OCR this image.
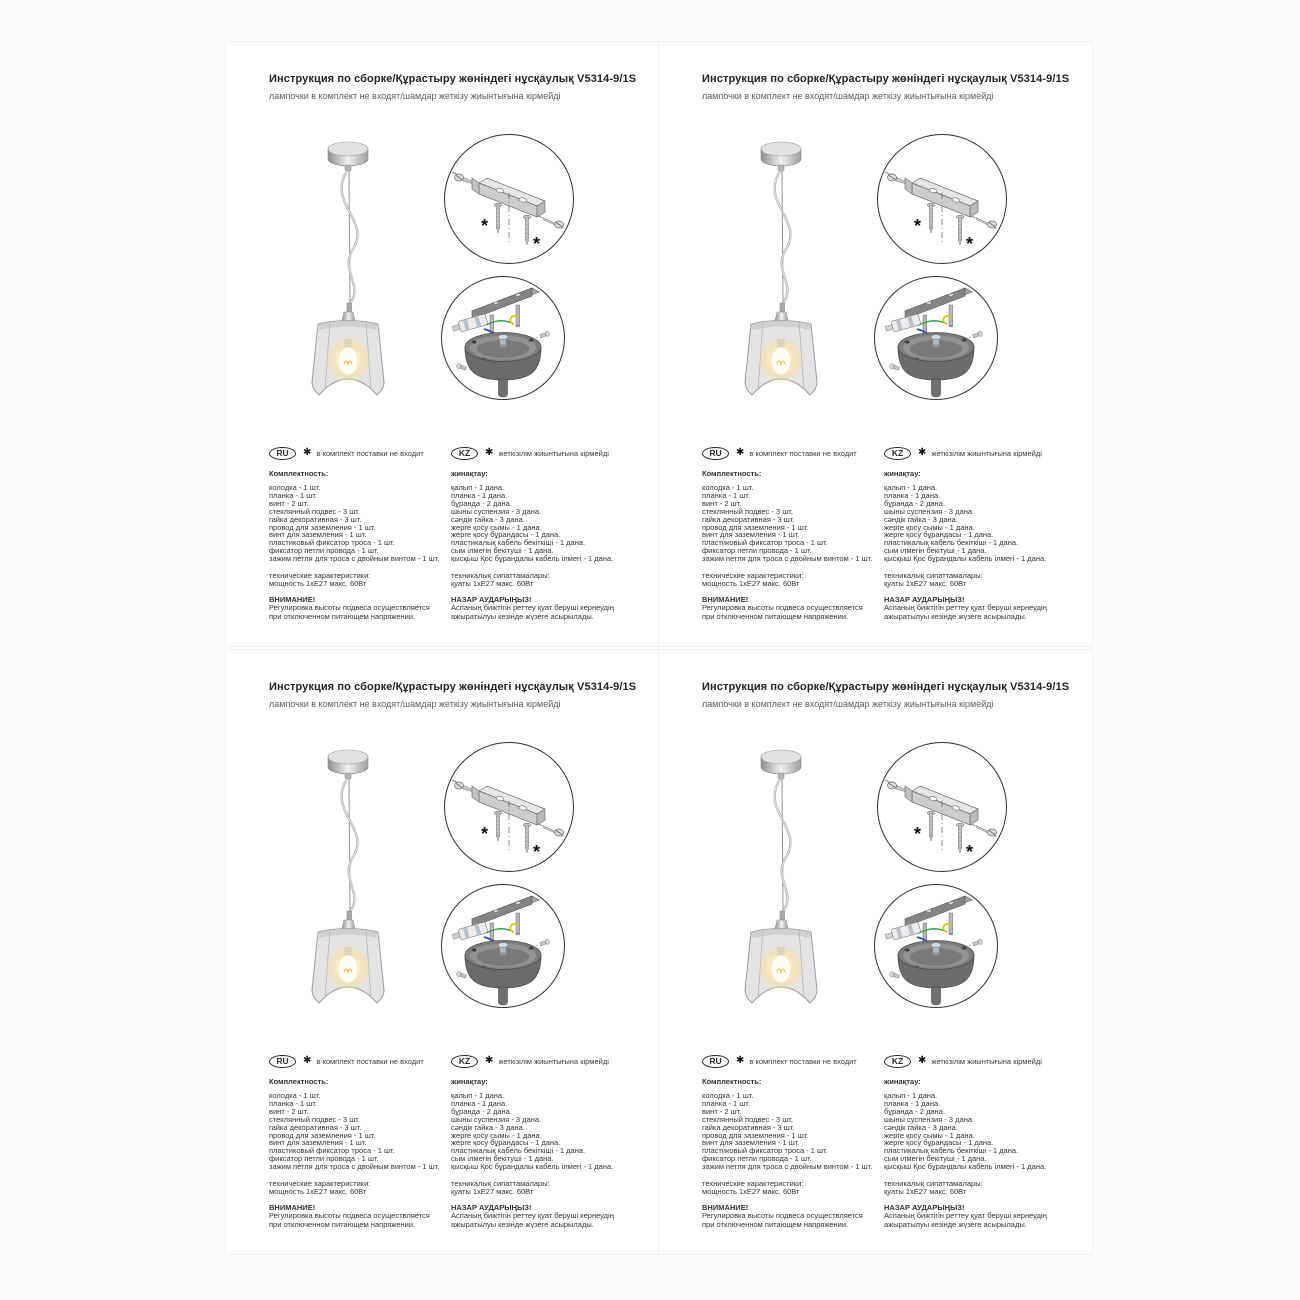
Инструкция по сборке/Құрастыру жөніндегі нұсқаулық V5314-9/1S
лампочки в комплект не входят/шамдар жеткізу жиынтығына кірмейді
*
*
RU	✱ в комплект поставки не входит
Комплектность:
колодка - 1 шт.
планка - 1 шт.
винт - 2 шт.
стеклянный подвес - 3 шт.
гайка декоративная - 3 шт.
провод для заземления - 1 шт.
винт для заземления - 1 шт.
пластиковый фиксатор троса - 1 шт.
фиксатор петли провода - 1 шт.
зажим петля для троса с двойным винтом - 1 шт.
технические характеристики:
мощность 1хЕ27 макс. 60Вт
ВНИМАНИЕ!
Регулировка высоты подвеса осуществляется
при отключенном питающем напряжении.
KZ	✱ жеткізілім жиынтығына кірмейді
жинақтау:
қалып - 1 дана.
планка - 1 дана.
бұранда - 2 дана.
шыны суспензия - 3 дана.
сәндік гайка - 3 дана.
жерге қосу сымы - 1 дана.
жерге қосу бұрандасы - 1 дана.
пластикалық кабель бекіткіші - 1 дана.
сым ілмегін бекітуші - 1 дана.
қысқыш Қос бұрандалы кабель ілмегі - 1 дана.
техникалық сипаттамалары:
қуаты 1хЕ27 макс. 60Вт
НАЗАР АУДАРЫҢЫЗ!
Аспаның биіктігін реттеу қуат беруші кернеудің
ажыратылуы кезінде жүзеге асырылады.
Инструкция по сборке/Құрастыру жөніндегі нұсқаулық V5314-9/1S
лампочки в комплект не входят/шамдар жеткізу жиынтығына кірмейді
*
*
RU	✱ в комплект поставки не входит
Комплектность:
колодка - 1 шт.
планка - 1 шт.
винт - 2 шт.
стеклянный подвес - 3 шт.
гайка декоративная - 3 шт.
провод для заземления - 1 шт.
винт для заземления - 1 шт.
пластиковый фиксатор троса - 1 шт.
фиксатор петли провода - 1 шт.
зажим петля для троса с двойным винтом - 1 шт.
технические характеристики:
мощность 1хЕ27 макс. 60Вт
ВНИМАНИЕ!
Регулировка высоты подвеса осуществляется
при отключенном питающем напряжении.
KZ	✱ жеткізілім жиынтығына кірмейді
жинақтау:
қалып - 1 дана.
планка - 1 дана.
бұранда - 2 дана.
шыны суспензия - 3 дана.
сәндік гайка - 3 дана.
жерге қосу сымы - 1 дана.
жерге қосу бұрандасы - 1 дана.
пластикалық кабель бекіткіші - 1 дана.
сым ілмегін бекітуші - 1 дана.
қысқыш Қос бұрандалы кабель ілмегі - 1 дана.
техникалық сипаттамалары:
қуаты 1хЕ27 макс. 60Вт
НАЗАР АУДАРЫҢЫЗ!
Аспаның биіктігін реттеу қуат беруші кернеудің
ажыратылуы кезінде жүзеге асырылады.
Инструкция по сборке/Құрастыру жөніндегі нұсқаулық V5314-9/1S
лампочки в комплект не входят/шамдар жеткізу жиынтығына кірмейді
*
*
RU	✱ в комплект поставки не входит
Комплектность:
колодка - 1 шт.
планка - 1 шт.
винт - 2 шт.
стеклянный подвес - 3 шт.
гайка декоративная - 3 шт.
провод для заземления - 1 шт.
винт для заземления - 1 шт.
пластиковый фиксатор троса - 1 шт.
фиксатор петли провода - 1 шт.
зажим петля для троса с двойным винтом - 1 шт.
технические характеристики:
мощность 1хЕ27 макс. 60Вт
ВНИМАНИЕ!
Регулировка высоты подвеса осуществляется
при отключенном питающем напряжении.
KZ	✱ жеткізілім жиынтығына кірмейді
жинақтау:
қалып - 1 дана.
планка - 1 дана.
бұранда - 2 дана.
шыны суспензия - 3 дана.
сәндік гайка - 3 дана.
жерге қосу сымы - 1 дана.
жерге қосу бұрандасы - 1 дана.
пластикалық кабель бекіткіші - 1 дана.
сым ілмегін бекітуші - 1 дана.
қысқыш Қос бұрандалы кабель ілмегі - 1 дана.
техникалық сипаттамалары:
қуаты 1хЕ27 макс. 60Вт
НАЗАР АУДАРЫҢЫЗ!
Аспаның биіктігін реттеу қуат беруші кернеудің
ажыратылуы кезінде жүзеге асырылады.
Инструкция по сборке/Құрастыру жөніндегі нұсқаулық V5314-9/1S
лампочки в комплект не входят/шамдар жеткізу жиынтығына кірмейді
*
*
RU	✱ в комплект поставки не входит
Комплектность:
колодка - 1 шт.
планка - 1 шт.
винт - 2 шт.
стеклянный подвес - 3 шт.
гайка декоративная - 3 шт.
провод для заземления - 1 шт.
винт для заземления - 1 шт.
пластиковый фиксатор троса - 1 шт.
фиксатор петли провода - 1 шт.
зажим петля для троса с двойным винтом - 1 шт.
технические характеристики:
мощность 1хЕ27 макс. 60Вт
ВНИМАНИЕ!
Регулировка высоты подвеса осуществляется
при отключенном питающем напряжении.
KZ	✱ жеткізілім жиынтығына кірмейді
жинақтау:
қалып - 1 дана.
планка - 1 дана.
бұранда - 2 дана.
шыны суспензия - 3 дана.
сәндік гайка - 3 дана.
жерге қосу сымы - 1 дана.
жерге қосу бұрандасы - 1 дана.
пластикалық кабель бекіткіші - 1 дана.
сым ілмегін бекітуші - 1 дана.
қысқыш Қос бұрандалы кабель ілмегі - 1 дана.
техникалық сипаттамалары:
қуаты 1хЕ27 макс. 60Вт
НАЗАР АУДАРЫҢЫЗ!
Аспаның биіктігін реттеу қуат беруші кернеудің
ажыратылуы кезінде жүзеге асырылады.
